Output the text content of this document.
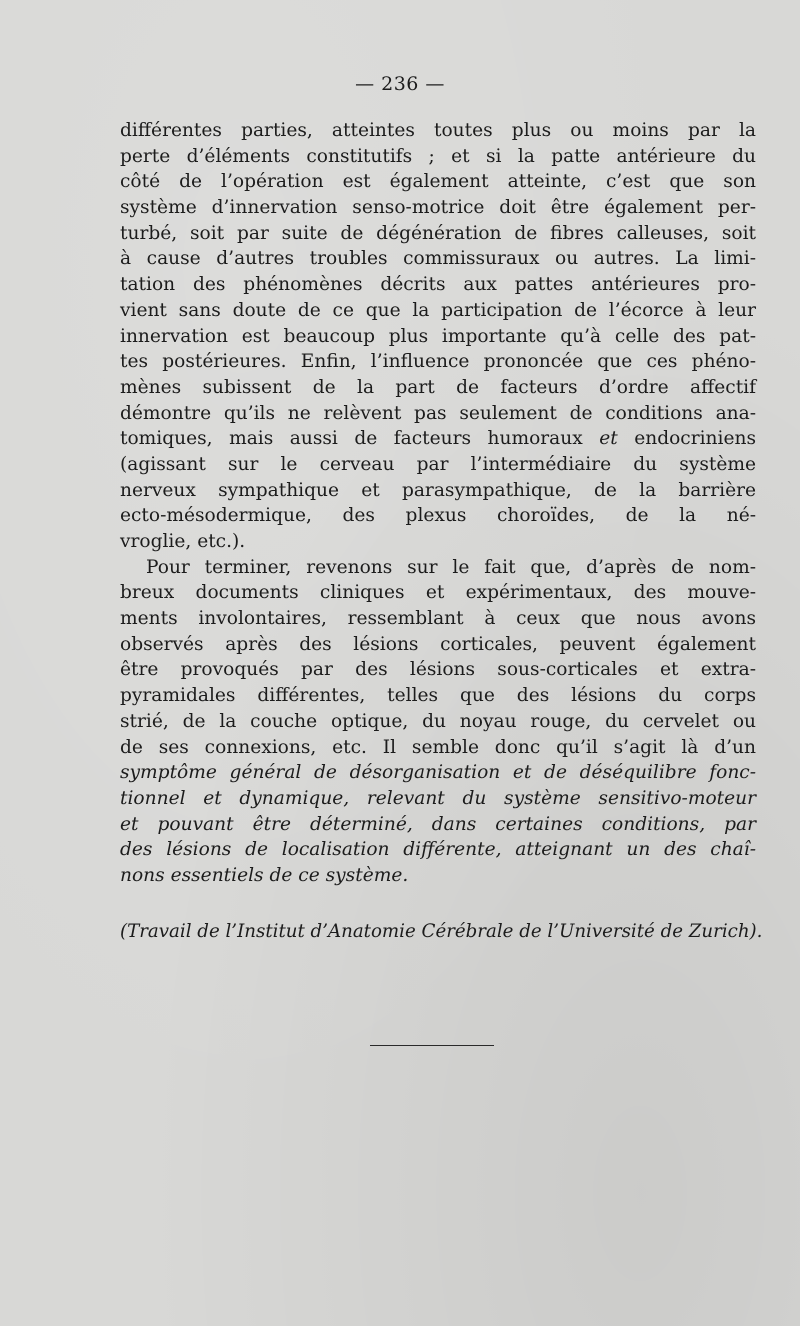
— 236 —

différentes parties, atteintes toutes plus ou moins par la
perte d’éléments constitutifs ; et si la patte antérieure du
côté de l’opération est également atteinte, c’est que son
système d’innervation senso-motrice doit être également per-
turbé, soit par suite de dégénération de fibres calleuses, soit
à cause d’autres troubles commissuraux ou autres. La limi-
tation des phénomènes décrits aux pattes antérieures pro-
vient sans doute de ce que la participation de l’écorce à leur
innervation est beaucoup plus importante qu’à celle des pat-
tes postérieures. Enfin, l’influence prononcée que ces phéno-
mènes subissent de la part de facteurs d’ordre affectif
démontre qu’ils ne relèvent pas seulement de conditions ana-
tomiques, mais aussi de facteurs humoraux et endocriniens
(agissant sur le cerveau par l’intermédiaire du système
nerveux sympathique et parasympathique, de la barrière
ecto-mésodermique, des plexus choroïdes, de la né-
vroglie, etc.).
Pour terminer, revenons sur le fait que, d’après de nom-
breux documents cliniques et expérimentaux, des mouve-
ments involontaires, ressemblant à ceux que nous avons
observés après des lésions corticales, peuvent également
être provoqués par des lésions sous-corticales et extra-
pyramidales différentes, telles que des lésions du corps
strié, de la couche optique, du noyau rouge, du cervelet ou
de ses connexions, etc. Il semble donc qu’il s’agit là d’un
symptôme général de désorganisation et de déséquilibre fonc-
tionnel et dynamique, relevant du système sensitivo-moteur
et pouvant être déterminé, dans certaines conditions, par
des lésions de localisation différente, atteignant un des chaî-
nons essentiels de ce système.

(Travail de l’Institut d’Anatomie Cérébrale de l’Université de Zurich).
